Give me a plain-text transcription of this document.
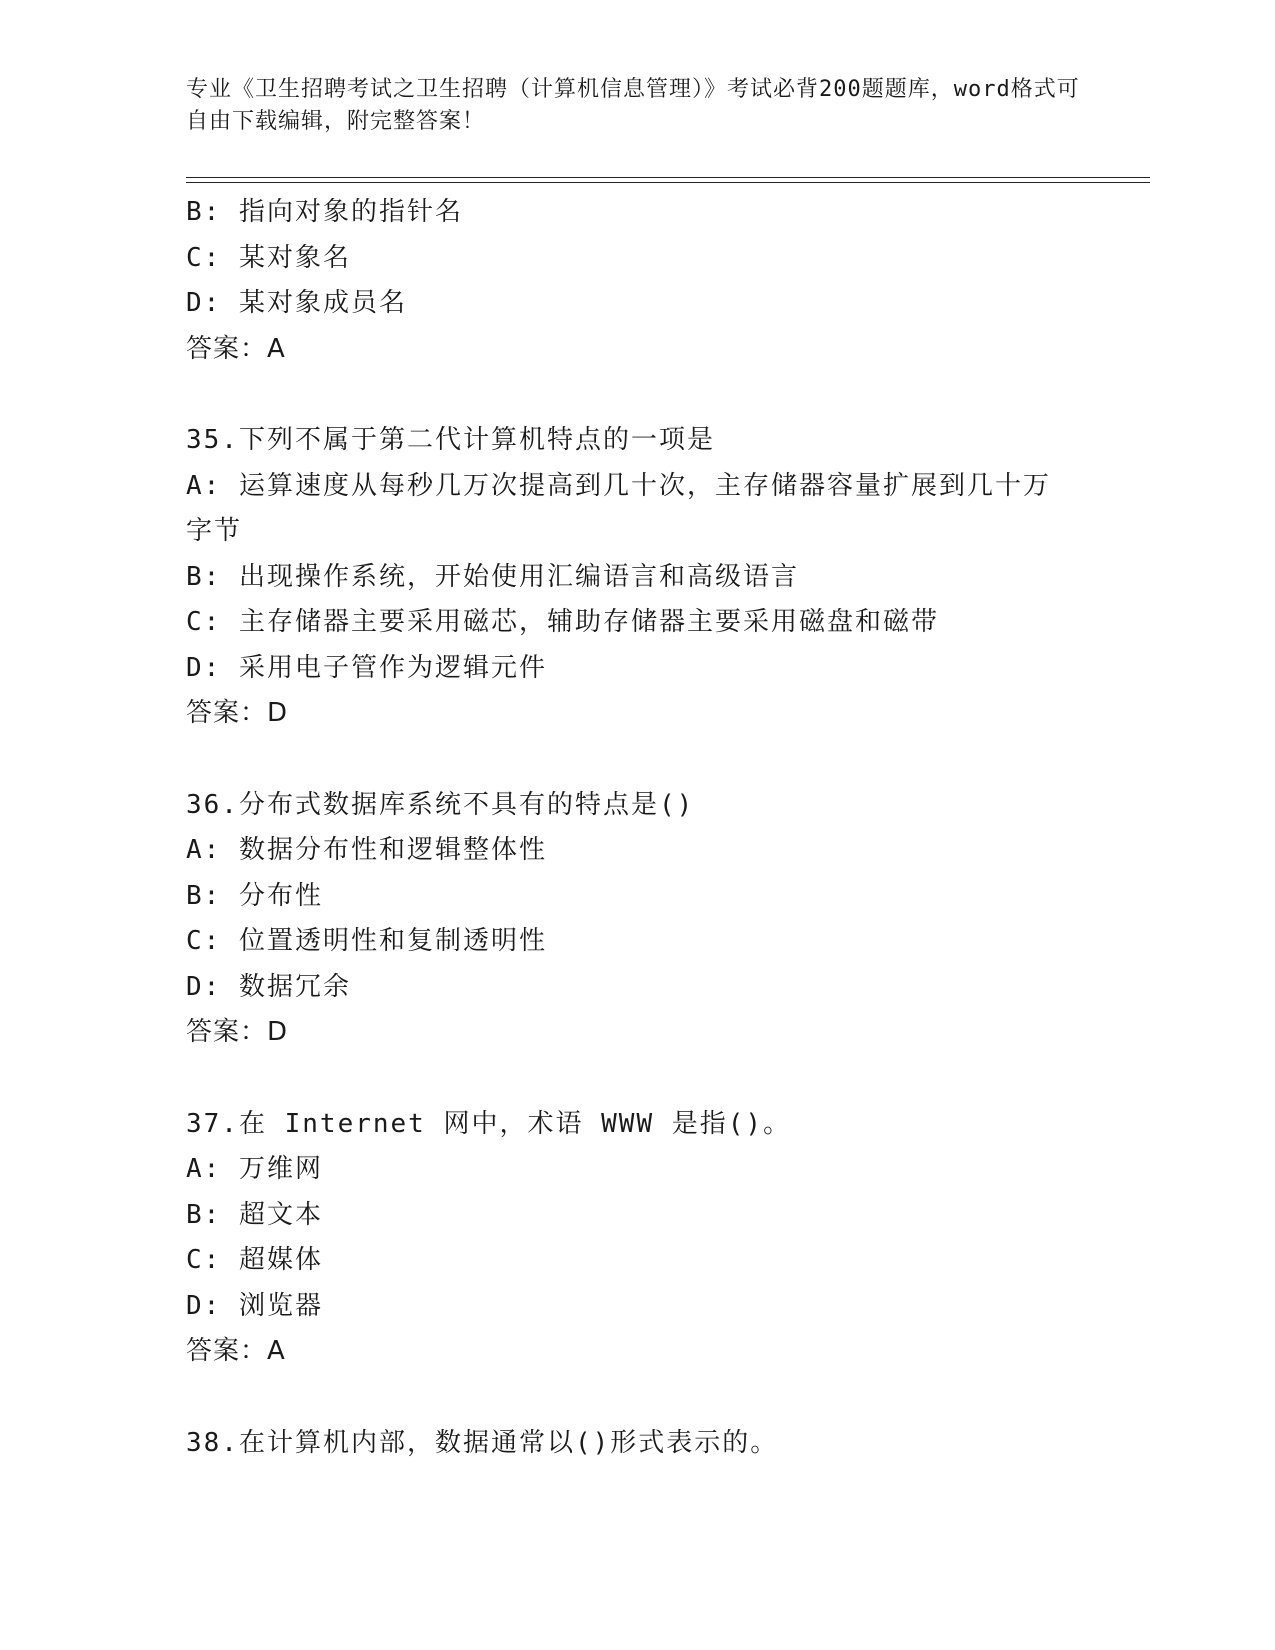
专业《卫生招聘考试之卫生招聘（计算机信息管理）》考试必背200题题库，word格式可自由下载编辑，附完整答案！
B: 指向对象的指针名
C: 某对象名
D: 某对象成员名
答案：A
35.下列不属于第二代计算机特点的一项是
A: 运算速度从每秒几万次提高到几十次，主存储器容量扩展到几十万字节
B: 出现操作系统，开始使用汇编语言和高级语言
C: 主存储器主要采用磁芯，辅助存储器主要采用磁盘和磁带
D: 采用电子管作为逻辑元件
答案：D
36.分布式数据库系统不具有的特点是()
A: 数据分布性和逻辑整体性
B: 分布性
C: 位置透明性和复制透明性
D: 数据冗余
答案：D
37.在 Internet 网中，术语 WWW 是指()。
A: 万维网
B: 超文本
C: 超媒体
D: 浏览器
答案：A
38.在计算机内部，数据通常以()形式表示的。
